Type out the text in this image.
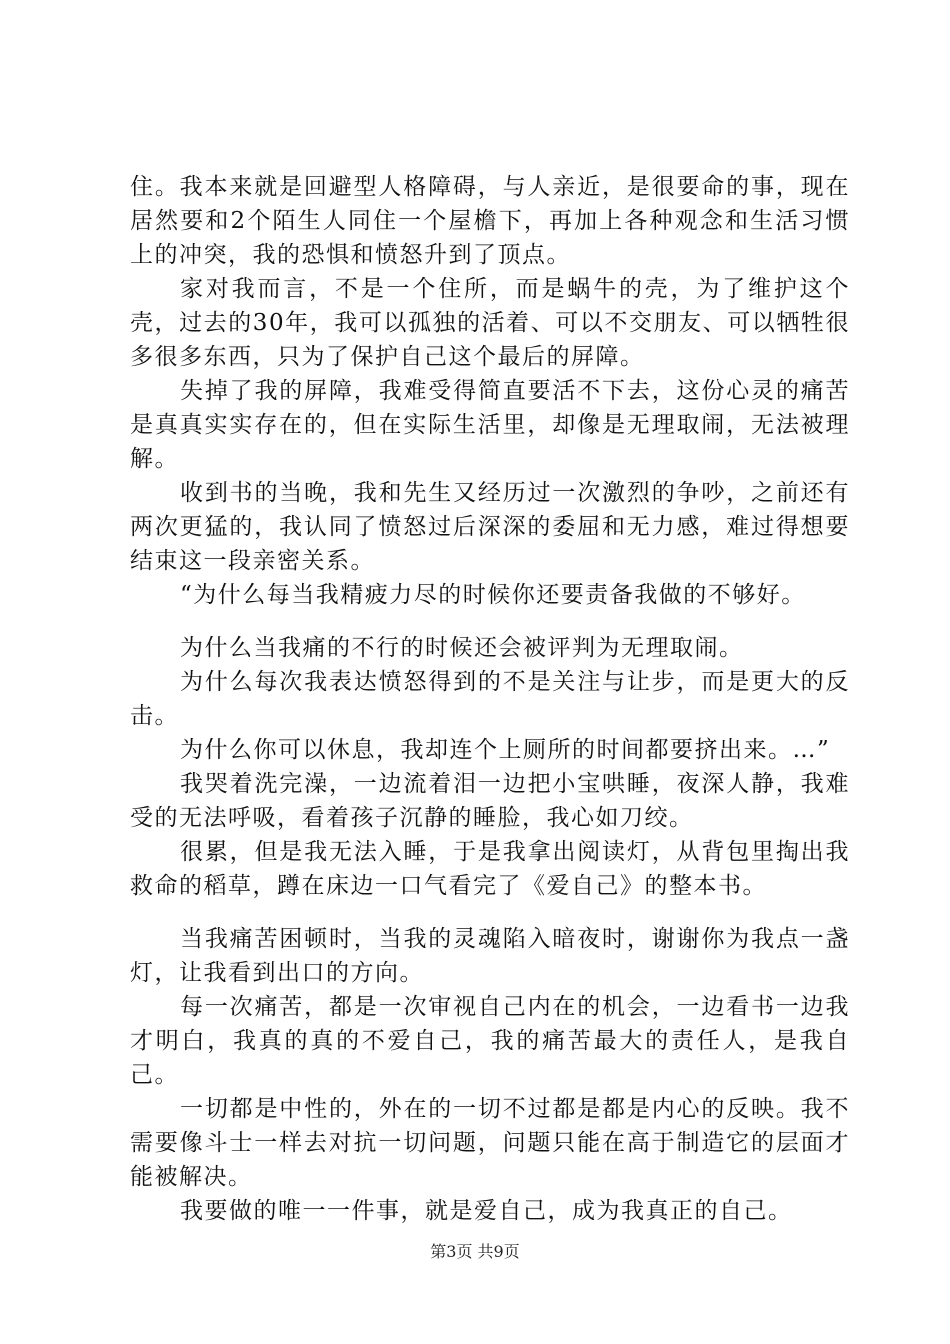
住。我本来就是回避型人格障碍，与人亲近，是很要命的事，现在居然要和2个陌生人同住一个屋檐下，再加上各种观念和生活习惯上的冲突，我的恐惧和愤怒升到了顶点。

家对我而言，不是一个住所，而是蜗牛的壳，为了维护这个壳，过去的30年，我可以孤独的活着、可以不交朋友、可以牺牲很多很多东西，只为了保护自己这个最后的屏障。

失掉了我的屏障，我难受得简直要活不下去，这份心灵的痛苦是真真实实存在的，但在实际生活里，却像是无理取闹，无法被理解。

收到书的当晚，我和先生又经历过一次激烈的争吵，之前还有两次更猛的，我认同了愤怒过后深深的委屈和无力感，难过得想要结束这一段亲密关系。

“为什么每当我精疲力尽的时候你还要责备我做的不够好。

为什么当我痛的不行的时候还会被评判为无理取闹。

为什么每次我表达愤怒得到的不是关注与让步，而是更大的反击。

为什么你可以休息，我却连个上厕所的时间都要挤出来。…”

我哭着洗完澡，一边流着泪一边把小宝哄睡，夜深人静，我难受的无法呼吸，看着孩子沉静的睡脸，我心如刀绞。

很累，但是我无法入睡，于是我拿出阅读灯，从背包里掏出我救命的稻草，蹲在床边一口气看完了《爱自己》的整本书。

当我痛苦困顿时，当我的灵魂陷入暗夜时，谢谢你为我点一盏灯，让我看到出口的方向。

每一次痛苦，都是一次审视自己内在的机会，一边看书一边我才明白，我真的真的不爱自己，我的痛苦最大的责任人，是我自己。

一切都是中性的，外在的一切不过都是都是内心的反映。我不需要像斗士一样去对抗一切问题，问题只能在高于制造它的层面才能被解决。

我要做的唯一一件事，就是爱自己，成为我真正的自己。

第3页 共9页
